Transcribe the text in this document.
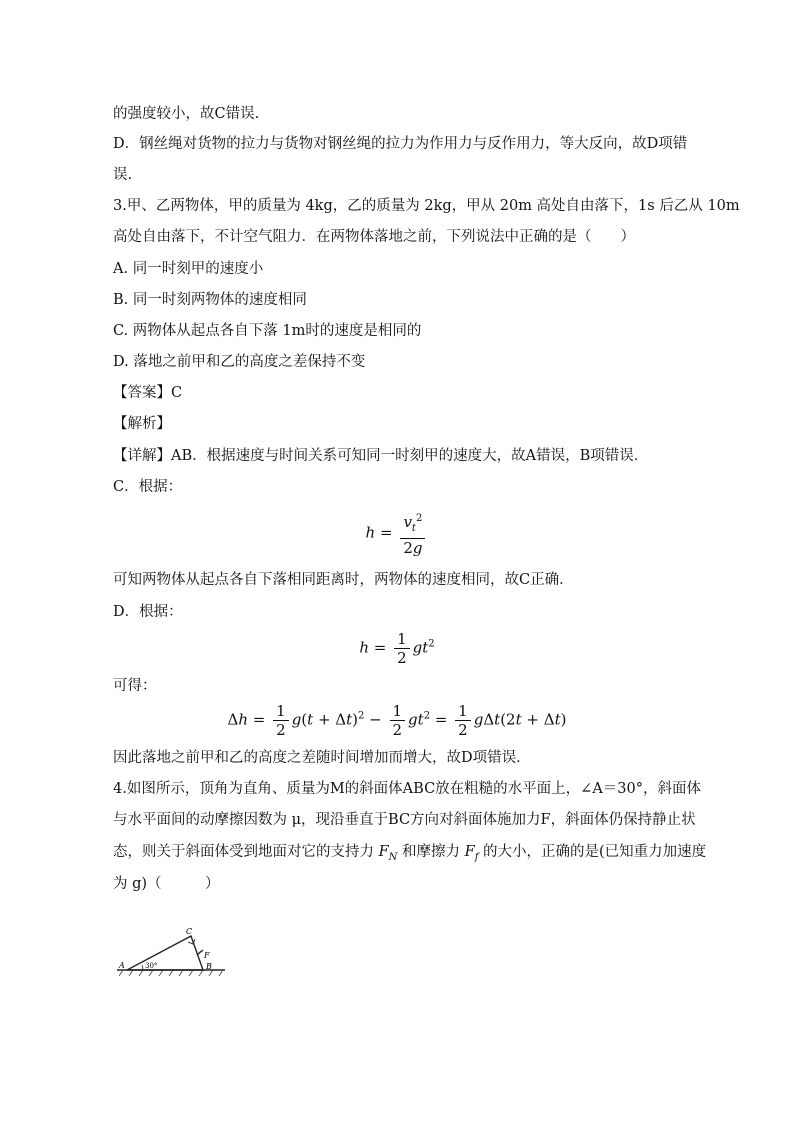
的强度较小，故C错误.
D．钢丝绳对货物的拉力与货物对钢丝绳的拉力为作用力与反作用力，等大反向，故D项错
误.
3.甲、乙两物体，甲的质量为 4kg，乙的质量为 2kg，甲从 20m 高处自由落下，1s 后乙从 10m
高处自由落下，不计空气阻力．在两物体落地之前，下列说法中正确的是（　　）
A. 同一时刻甲的速度小
B. 同一时刻两物体的速度相同
C. 两物体从起点各自下落 1m时的速度是相同的
D. 落地之前甲和乙的高度之差保持不变
【答案】C
【解析】
【详解】AB．根据速度与时间关系可知同一时刻甲的速度大，故A错误，B项错误．
C．根据：
$h = \frac{v_t^2}{2g}$
可知两物体从起点各自下落相同距离时，两物体的速度相同，故C正确．
D．根据：
$h = \frac{1}{2} gt^2$
可得：
$\Delta h = \frac{1}{2} g(t + \Delta t)^2 - \frac{1}{2} gt^2 = \frac{1}{2} g\Delta t(2t + \Delta t)$
因此落地之前甲和乙的高度之差随时间增加而增大，故D项错误．
4.如图所示，顶角为直角、质量为M的斜面体ABC放在粗糙的水平面上，∠A＝30°，斜面体
与水平面间的动摩擦因数为 μ，现沿垂直于BC方向对斜面体施加力F，斜面体仍保持静止状
态，则关于斜面体受到地面对它的支持力 $F_N$ 和摩擦力 $F_f$ 的大小，正确的是(已知重力加速度
为 g)（　　　）
A	B
C
F
30°
